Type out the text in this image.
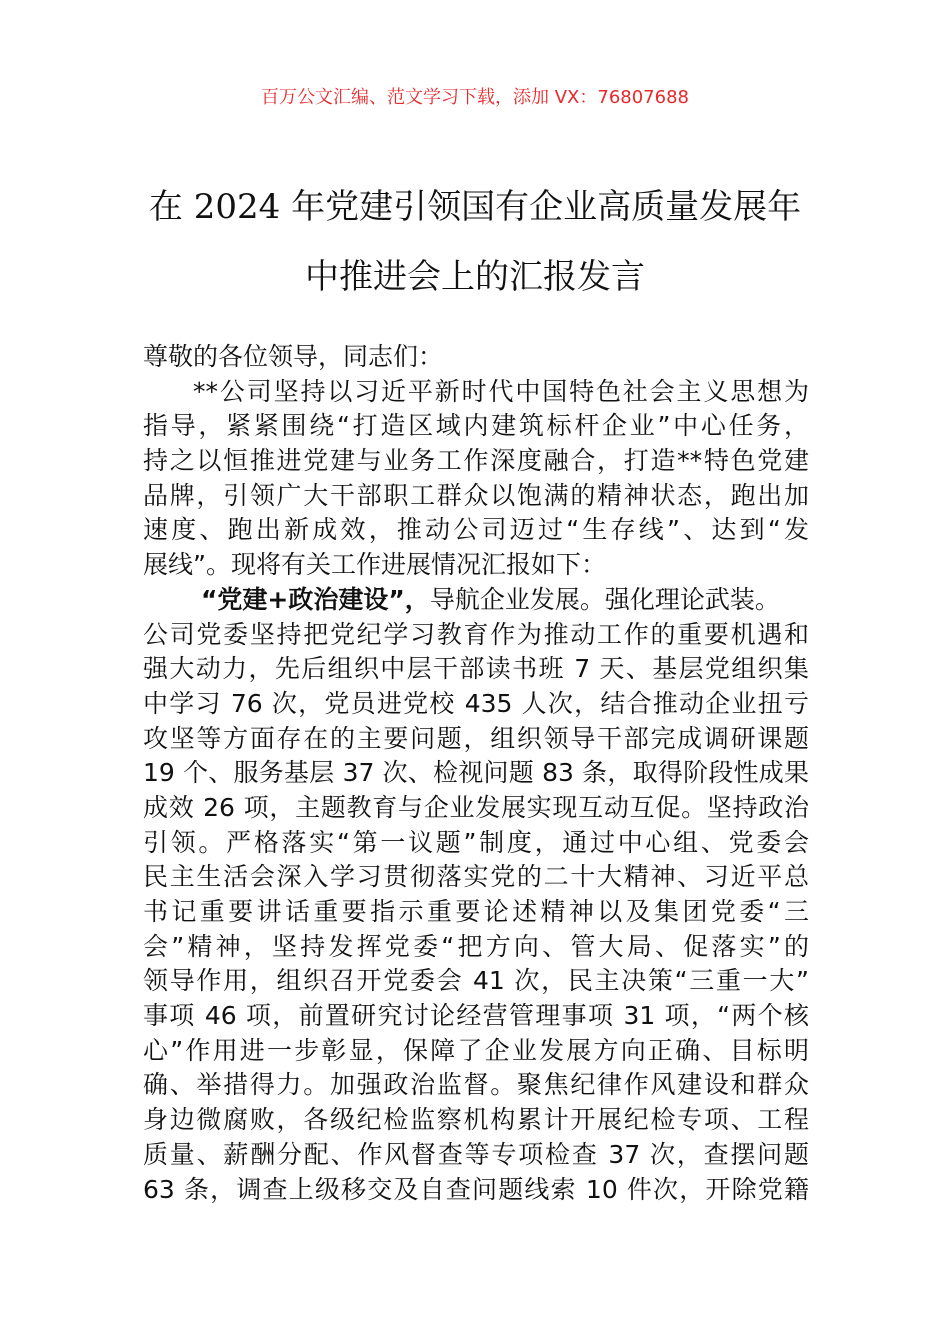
百万公文汇编、范文学习下载，添加 VX：76807688
在 2024 年党建引领国有企业高质量发展年
中推进会上的汇报发言
尊敬的各位领导，同志们：
**公司坚持以习近平新时代中国特色社会主义思想为
指导，紧紧围绕“打造区域内建筑标杆企业”中心任务，
持之以恒推进党建与业务工作深度融合，打造**特色党建
品牌，引领广大干部职工群众以饱满的精神状态，跑出加
速度、跑出新成效，推动公司迈过“生存线”、达到“发
展线”。现将有关工作进展情况汇报如下：
“党建+政治建设”，导航企业发展。强化理论武装。
公司党委坚持把党纪学习教育作为推动工作的重要机遇和
强大动力，先后组织中层干部读书班 7 天、基层党组织集
中学习 76 次，党员进党校 435 人次，结合推动企业扭亏
攻坚等方面存在的主要问题，组织领导干部完成调研课题
19 个、服务基层 37 次、检视问题 83 条，取得阶段性成果
成效 26 项，主题教育与企业发展实现互动互促。坚持政治
引领。严格落实“第一议题”制度，通过中心组、党委会
民主生活会深入学习贯彻落实党的二十大精神、习近平总
书记重要讲话重要指示重要论述精神以及集团党委“三
会”精神，坚持发挥党委“把方向、管大局、促落实”的
领导作用，组织召开党委会 41 次，民主决策“三重一大”
事项 46 项，前置研究讨论经营管理事项 31 项，“两个核
心”作用进一步彰显，保障了企业发展方向正确、目标明
确、举措得力。加强政治监督。聚焦纪律作风建设和群众
身边微腐败，各级纪检监察机构累计开展纪检专项、工程
质量、薪酬分配、作风督查等专项检查 37 次，查摆问题
63 条，调查上级移交及自查问题线索 10 件次，开除党籍
